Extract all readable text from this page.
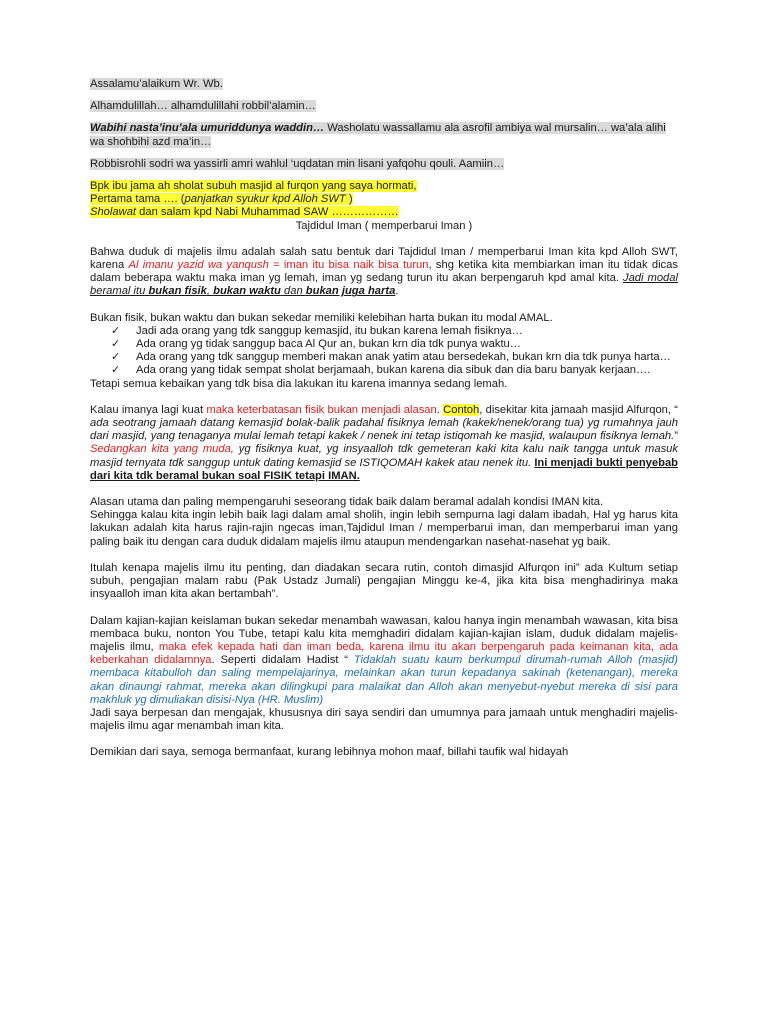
Assalamu’alaikum Wr. Wb.

Alhamdulillah… alhamdulillahi robbil’alamin…

Wabihi nasta’inu’ala umuriddunya waddin… Washolatu wassallamu ala asrofil ambiya wal mursalin… wa’ala alihi wa shohbihi azd ma’in…

Robbisrohli sodri wa yassirli amri wahlul ‘uqdatan min lisani yafqohu qouli. Aamiin…

Bpk ibu jama ah sholat subuh masjid al furqon yang saya hormati,

Pertama tama …. (panjatkan syukur kpd Alloh SWT )

Sholawat dan salam kpd Nabi Muhammad SAW ………………

Tajdidul Iman ( memperbarui Iman )

Bahwa duduk di majelis ilmu adalah salah satu bentuk dari Tajdidul Iman / memperbarui Iman kita kpd Alloh SWT, karena Al imanu yazid wa yanqush = iman itu bisa naik bisa turun, shg ketika kita membiarkan iman itu tidak dicas dalam beberapa waktu maka iman yg lemah, iman yg sedang turun itu akan berpengaruh kpd amal kita. Jadi modal beramal itu bukan fisik, bukan waktu dan bukan juga harta.

Bukan fisik, bukan waktu dan bukan sekedar memiliki kelebihan harta bukan itu modal AMAL.

✓ Jadi ada orang yang tdk sanggup kemasjid, itu bukan karena lemah fisiknya…
✓ Ada orang yg tidak sanggup baca Al Qur an, bukan krn dia tdk punya waktu…
✓ Ada orang yang tdk sanggup memberi makan anak yatim atau bersedekah, bukan krn dia tdk punya harta…
✓ Ada orang yang tidak sempat sholat berjamaah, bukan karena dia sibuk dan dia baru banyak kerjaan….

Tetapi semua kebaikan yang tdk bisa dia lakukan itu karena imannya sedang lemah.

Kalau imanya lagi kuat maka keterbatasan fisik bukan menjadi alasan. Contoh, disekitar kita jamaah masjid Alfurqon, “ ada seotrang jamaah datang kemasjid bolak-balik padahal fisiknya lemah (kakek/nenek/orang tua) yg rumahnya jauh dari masjid, yang tenaganya mulai lemah tetapi kakek / nenek ini tetap istiqomah ke masjid, walaupun fisiknya lemah.” Sedangkan kita yang muda, yg fisiknya kuat, yg insyaalloh tdk gemeteran kaki kita kalu naik tangga untuk masuk masjid ternyata tdk sanggup untuk dating kemasjid se ISTIQOMAH kakek atau nenek itu. Ini menjadi bukti penyebab dari kita tdk beramal bukan soal FISIK tetapi IMAN.

Alasan utama dan paling mempengaruhi seseorang tidak baik dalam beramal adalah kondisi IMAN kita.

Sehingga kalau kita ingin lebih baik lagi dalam amal sholih, ingin lebih sempurna lagi dalam ibadah, Hal yg harus kita lakukan adalah kita harus rajin-rajin ngecas iman,Tajdidul Iman / memperbarui iman, dan memperbarui iman yang paling baik itu dengan cara duduk didalam majelis ilmu ataupun mendengarkan nasehat-nasehat yg baik.

Itulah kenapa majelis ilmu itu penting, dan diadakan secara rutin, contoh dimasjid Alfurqon ini” ada Kultum setiap subuh, pengajian malam rabu (Pak Ustadz Jumali) pengajian Minggu ke-4, jika kita bisa menghadirinya maka insyaalloh iman kita akan bertambah”.

Dalam kajian-kajian keislaman bukan sekedar menambah wawasan, kalou hanya ingin menambah wawasan, kita bisa membaca buku, nonton You Tube, tetapi kalu kita memghadiri didalam kajian-kajian islam, duduk didalam majelis-majelis ilmu, maka efek kepada hati dan iman beda, karena ilmu itu akan berpengaruh pada keimanan kita, ada keberkahan didalamnya. Seperti didalam Hadist “ Tidaklah suatu kaum berkumpul dirumah-rumah Alloh (masjid) membaca kitabulloh dan saling mempelajarinya, melainkan akan turun kepadanya sakinah (ketenangan), mereka akan dinaungi rahmat, mereka akan dilingkupi para malaikat dan Alloh akan menyebut-nyebut mereka di sisi para makhluk yg dimuliakan disisi-Nya (HR. Muslim)

Jadi saya berpesan dan mengajak, khususnya diri saya sendiri dan umumnya para jamaah untuk menghadiri majelis-majelis ilmu agar menambah iman kita.

Demikian dari saya, semoga bermanfaat, kurang lebihnya mohon maaf, billahi taufik wal hidayah
